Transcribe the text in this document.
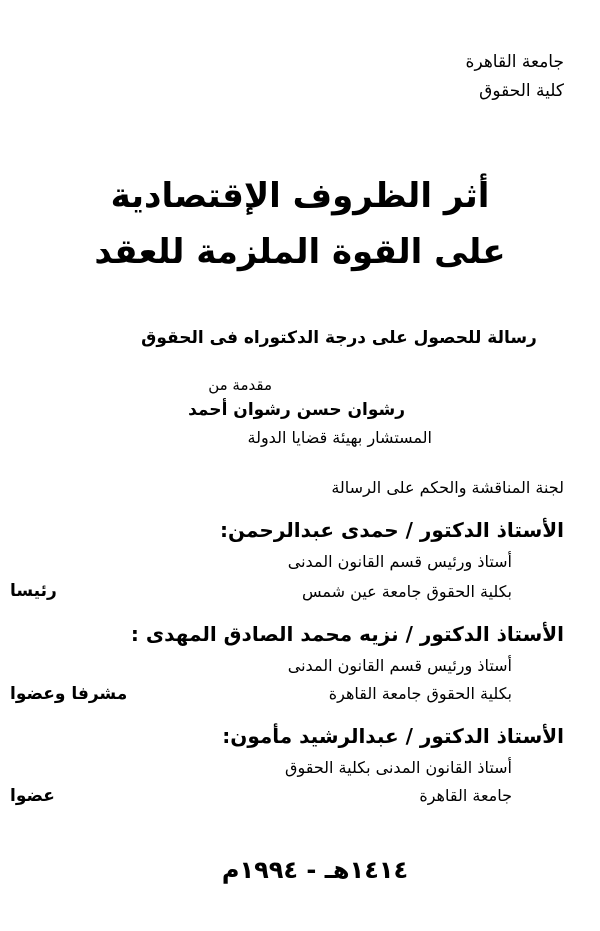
جامعة القاهرة
كلية الحقوق
أثر الظروف الإقتصادية
على القوة الملزمة للعقد
رسالة للحصول على درجة الدكتوراه فى الحقوق
مقدمة من
رشوان حسن رشوان أحمد
المستشار بهيئة قضايا الدولة
لجنة المناقشة والحكم على الرسالة
الأستاذ الدكتور / حمدى عبدالرحمن:
أستاذ ورئيس قسم القانون المدنى
بكلية الحقوق جامعة عين شمس
رئيسا
الأستاذ الدكتور / نزيه محمد الصادق المهدى :
أستاذ ورئيس قسم القانون المدنى
بكلية الحقوق جامعة القاهرة
مشرفا وعضوا
الأستاذ الدكتور / عبدالرشيد مأمون:
أستاذ القانون المدنى بكلية الحقوق
جامعة القاهرة
عضوا
١٤١٤هـ - ١٩٩٤م
